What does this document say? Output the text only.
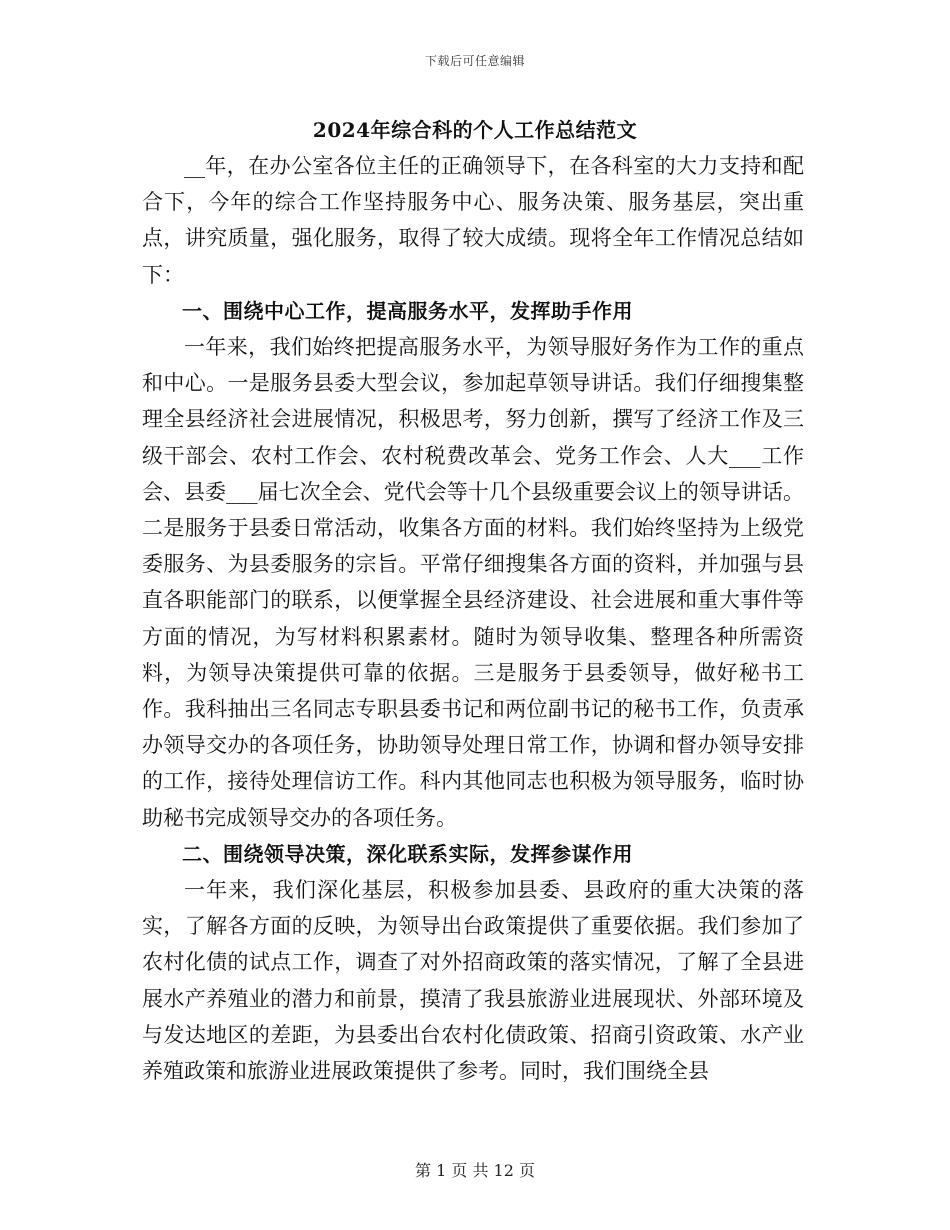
下载后可任意编辑
2024年综合科的个人工作总结范文

__年，在办公室各位主任的正确领导下，在各科室的大力支持和配合下，今年的综合工作坚持服务中心、服务决策、服务基层，突出重点，讲究质量，强化服务，取得了较大成绩。现将全年工作情况总结如下：

一、围绕中心工作，提高服务水平，发挥助手作用

一年来，我们始终把提高服务水平，为领导服好务作为工作的重点和中心。一是服务县委大型会议，参加起草领导讲话。我们仔细搜集整理全县经济社会进展情况，积极思考，努力创新，撰写了经济工作及三级干部会、农村工作会、农村税费改革会、党务工作会、人大___工作会、县委___届七次全会、党代会等十几个县级重要会议上的领导讲话。二是服务于县委日常活动，收集各方面的材料。我们始终坚持为上级党委服务、为县委服务的宗旨。平常仔细搜集各方面的资料，并加强与县直各职能部门的联系，以便掌握全县经济建设、社会进展和重大事件等方面的情况，为写材料积累素材。随时为领导收集、整理各种所需资料，为领导决策提供可靠的依据。三是服务于县委领导，做好秘书工作。我科抽出三名同志专职县委书记和两位副书记的秘书工作，负责承办领导交办的各项任务，协助领导处理日常工作，协调和督办领导安排的工作，接待处理信访工作。科内其他同志也积极为领导服务，临时协助秘书完成领导交办的各项任务。

二、围绕领导决策，深化联系实际，发挥参谋作用

一年来，我们深化基层，积极参加县委、县政府的重大决策的落实，了解各方面的反映，为领导出台政策提供了重要依据。我们参加了农村化债的试点工作，调查了对外招商政策的落实情况，了解了全县进展水产养殖业的潜力和前景，摸清了我县旅游业进展现状、外部环境及与发达地区的差距，为县委出台农村化债政策、招商引资政策、水产业养殖政策和旅游业进展政策提供了参考。同时，我们围绕全县

第 1 页 共 12 页
